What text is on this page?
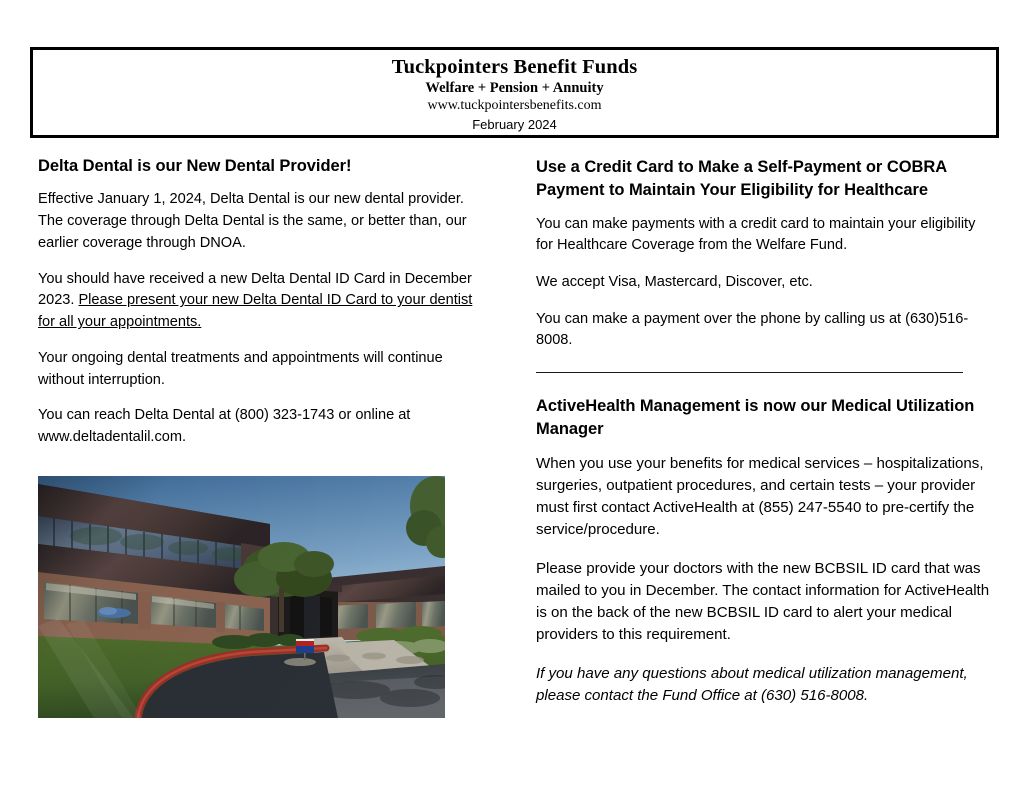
Tuckpointers Benefit Funds
Welfare + Pension + Annuity
www.tuckpointersbenefits.com
February 2024
Delta Dental is our New Dental Provider!

Effective January 1, 2024, Delta Dental is our new dental provider. The coverage through Delta Dental is the same, or better than, our earlier coverage through DNOA.

You should have received a new Delta Dental ID Card in December 2023. Please present your new Delta Dental ID Card to your dentist for all your appointments.

Your ongoing dental treatments and appointments will continue without interruption.

You can reach Delta Dental at (800) 323-1743 or online at www.deltadentalil.com.

Use a Credit Card to Make a Self-Payment or COBRA Payment to Maintain Your Eligibility for Healthcare

You can make payments with a credit card to maintain your eligibility for Healthcare Coverage from the Welfare Fund.

We accept Visa, Mastercard, Discover, etc.

You can make a payment over the phone by calling us at (630)516-8008.

ActiveHealth Management is now our Medical Utilization Manager

When you use your benefits for medical services – hospitalizations, surgeries, outpatient procedures, and certain tests – your provider must first contact ActiveHealth at (855) 247-5540 to pre-certify the service/procedure.

Please provide your doctors with the new BCBSIL ID card that was mailed to you in December. The contact information for ActiveHealth is on the back of the new BCBSIL ID card to alert your medical providers to this requirement.

If you have any questions about medical utilization management, please contact the Fund Office at (630) 516-8008.
